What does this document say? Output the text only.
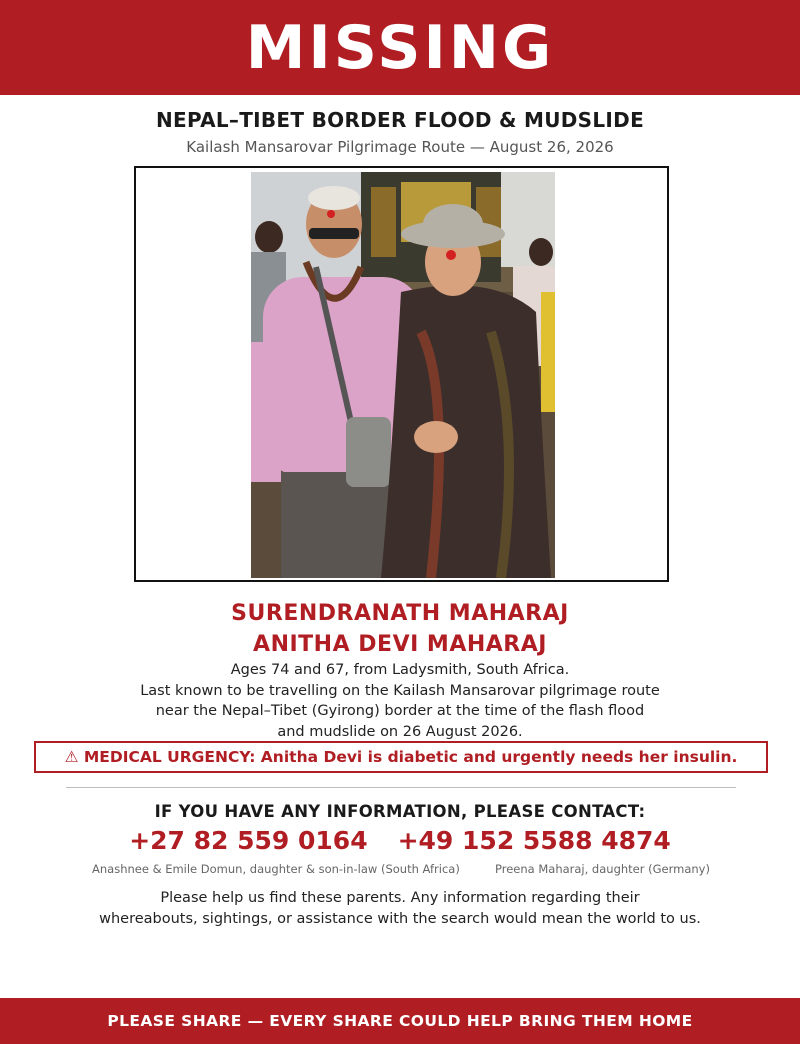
MISSING
NEPAL–TIBET BORDER FLOOD & MUDSLIDE
Kailash Mansarovar Pilgrimage Route — August 26, 2026
SURENDRANATH MAHARAJ
ANITHA DEVI MAHARAJ
Ages 74 and 67, from Ladysmith, South Africa.
Last known to be travelling on the Kailash Mansarovar pilgrimage route
near the Nepal–Tibet (Gyirong) border at the time of the flash flood
and mudslide on 26 August 2026.
⚠ MEDICAL URGENCY: Anitha Devi is diabetic and urgently needs her insulin.
IF YOU HAVE ANY INFORMATION, PLEASE CONTACT:
+27 82 559 0164 +49 152 5588 4874
Anashnee & Emile Domun, daughter & son-in-law (South Africa)	Preena Maharaj, daughter (Germany)
Please help us find these parents. Any information regarding their
whereabouts, sightings, or assistance with the search would mean the world to us.
PLEASE SHARE — EVERY SHARE COULD HELP BRING THEM HOME
